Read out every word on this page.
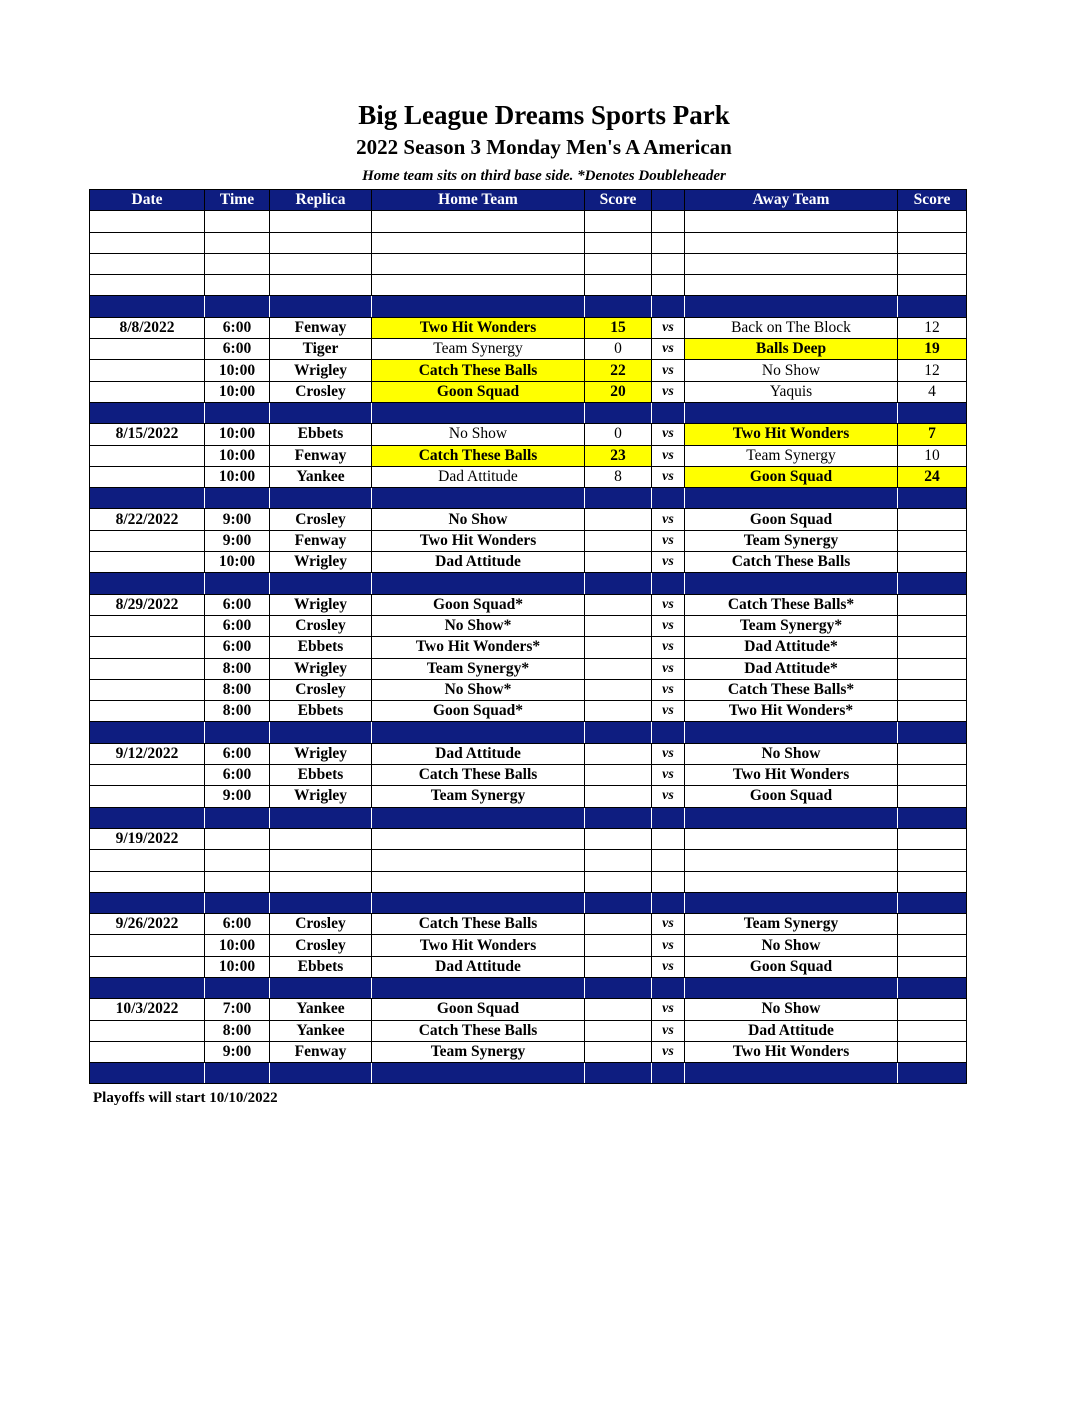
Big League Dreams Sports Park
2022 Season 3 Monday Men's A American
Home team sits on third base side. *Denotes Doubleheader
Date	Time	Replica	Home Team	Score		Away Team	Score

8/8/2022	6:00	Fenway	Two Hit Wonders	15	vs	Back on The Block	12
	6:00	Tiger	Team Synergy	0	vs	Balls Deep	19
	10:00	Wrigley	Catch These Balls	22	vs	No Show	12
	10:00	Crosley	Goon Squad	20	vs	Yaquis	4

8/15/2022	10:00	Ebbets	No Show	0	vs	Two Hit Wonders	7
	10:00	Fenway	Catch These Balls	23	vs	Team Synergy	10
	10:00	Yankee	Dad Attitude	8	vs	Goon Squad	24

8/22/2022	9:00	Crosley	No Show		vs	Goon Squad	
	9:00	Fenway	Two Hit Wonders		vs	Team Synergy	
	10:00	Wrigley	Dad Attitude		vs	Catch These Balls	

8/29/2022	6:00	Wrigley	Goon Squad*		vs	Catch These Balls*	
	6:00	Crosley	No Show*		vs	Team Synergy*	
	6:00	Ebbets	Two Hit Wonders*		vs	Dad Attitude*	
	8:00	Wrigley	Team Synergy*		vs	Dad Attitude*	
	8:00	Crosley	No Show*		vs	Catch These Balls*	
	8:00	Ebbets	Goon Squad*		vs	Two Hit Wonders*	

9/12/2022	6:00	Wrigley	Dad Attitude		vs	No Show	
	6:00	Ebbets	Catch These Balls		vs	Two Hit Wonders	
	9:00	Wrigley	Team Synergy		vs	Goon Squad	

9/19/2022							

9/26/2022	6:00	Crosley	Catch These Balls		vs	Team Synergy	
	10:00	Crosley	Two Hit Wonders		vs	No Show	
	10:00	Ebbets	Dad Attitude		vs	Goon Squad	

10/3/2022	7:00	Yankee	Goon Squad		vs	No Show	
	8:00	Yankee	Catch These Balls		vs	Dad Attitude	
	9:00	Fenway	Team Synergy		vs	Two Hit Wonders	

Playoffs will start 10/10/2022
